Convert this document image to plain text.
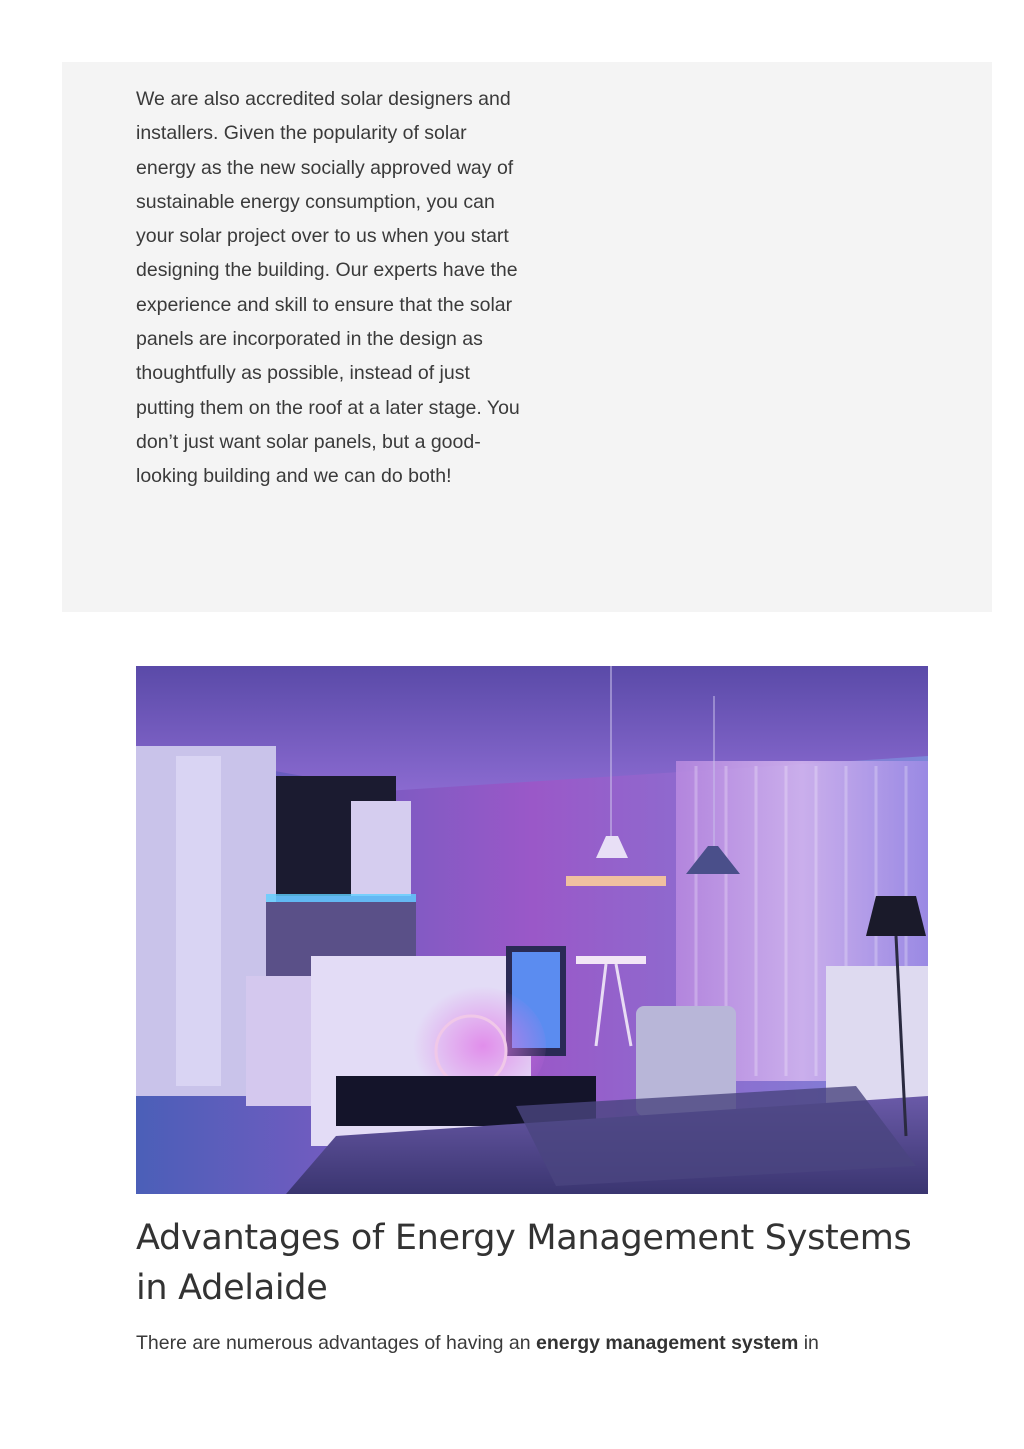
We are also accredited solar designers and installers. Given the popularity of solar energy as the new socially approved way of sustainable energy consumption, you can your solar project over to us when you start designing the building. Our experts have the experience and skill to ensure that the solar panels are incorporated in the design as thoughtfully as possible, instead of just putting them on the roof at a later stage. You don’t just want solar panels, but a good-looking building and we can do both!

Advantages of Energy Management Systems in Adelaide

There are numerous advantages of having an energy management system in
